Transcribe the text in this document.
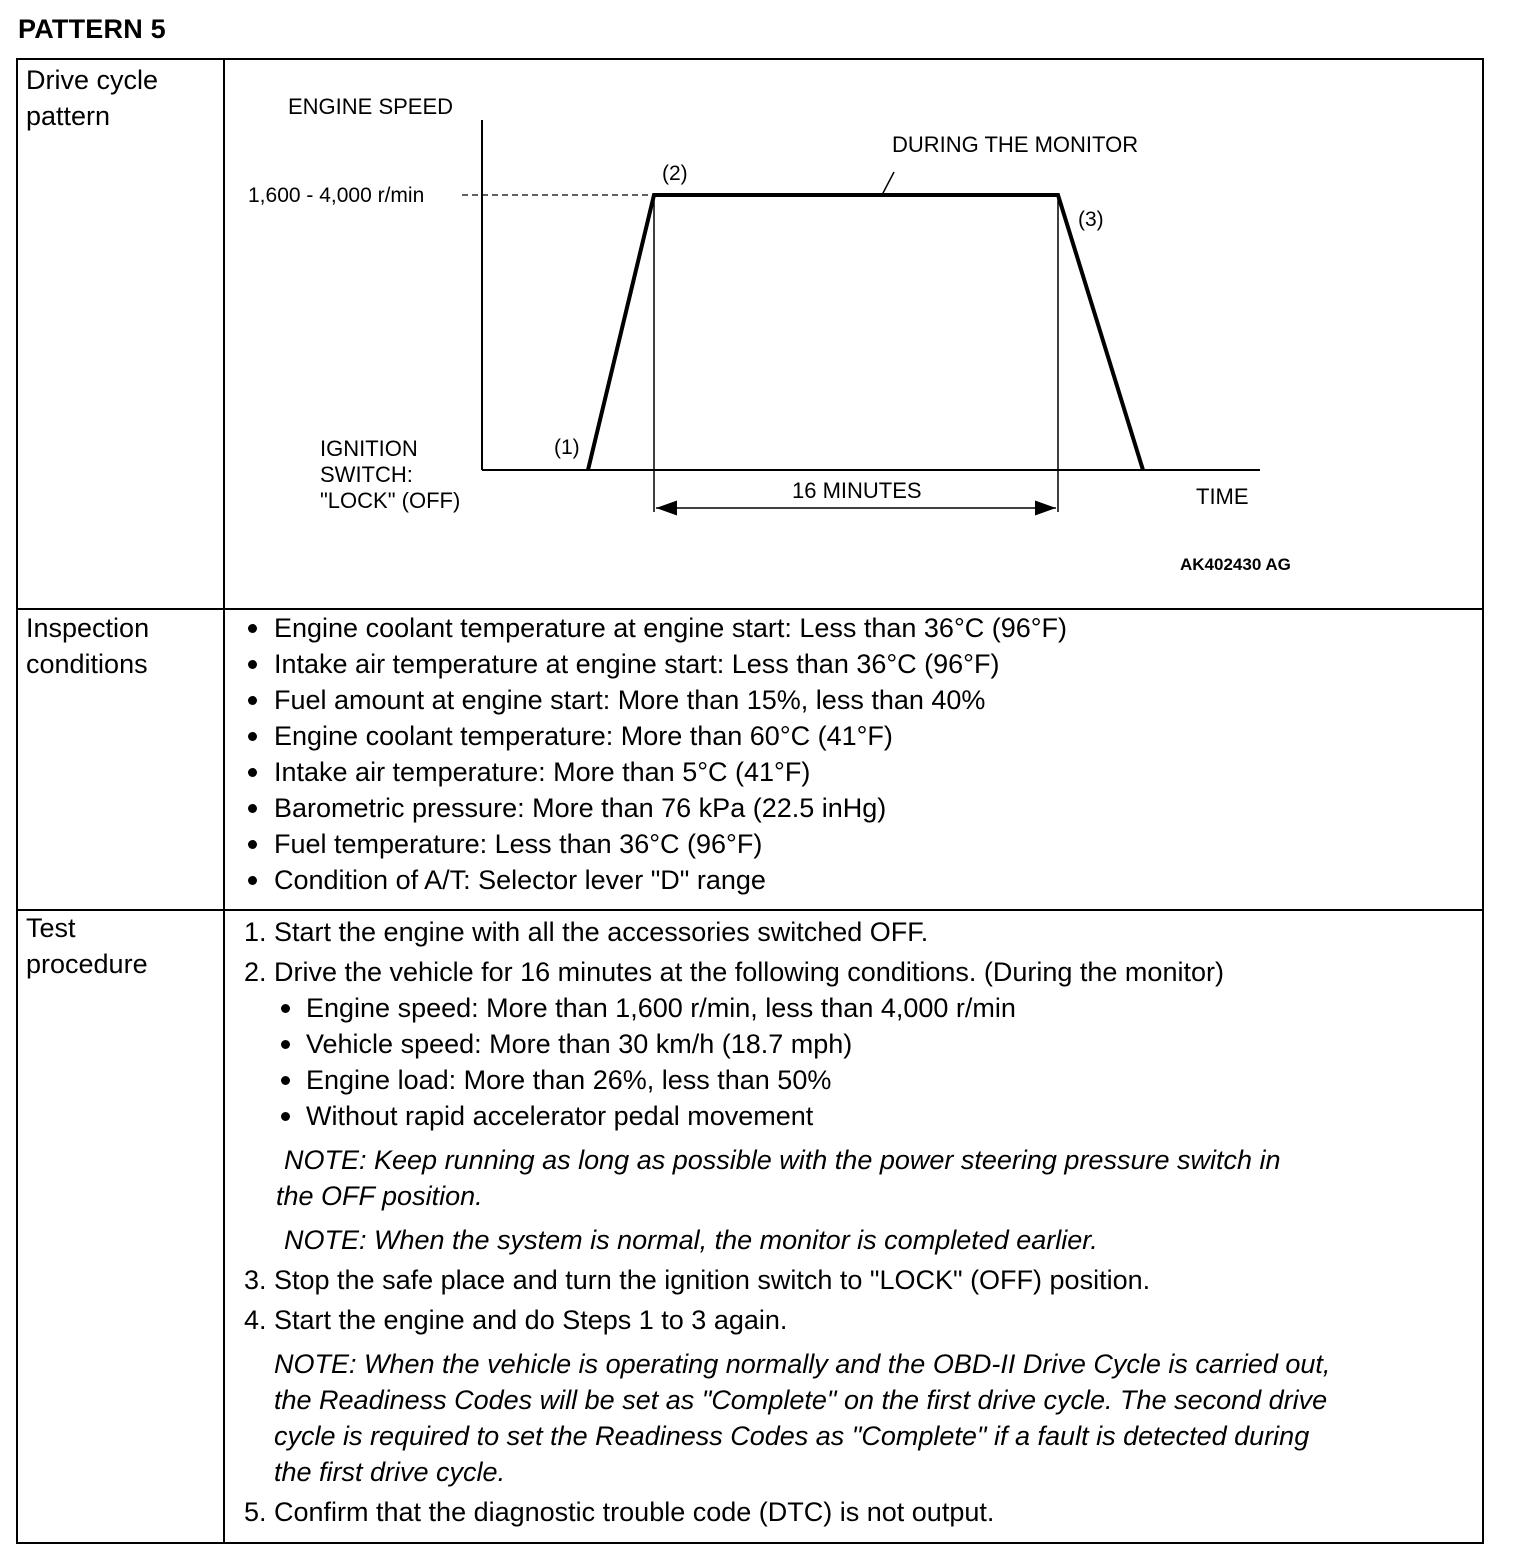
PATTERN 5
Drive cycle
pattern
Inspection
conditions
Test
procedure
ENGINE SPEED
1,600 - 4,000 r/min
DURING THE MONITOR
(2)
(3)
(1)
IGNITION
SWITCH:
"LOCK" (OFF)	16 MINUTES	TIME
AK402430 AG
Engine coolant temperature at engine start: Less than 36°C (96°F)
Intake air temperature at engine start: Less than 36°C (96°F)
Fuel amount at engine start: More than 15%, less than 40%
Engine coolant temperature: More than 60°C (41°F)
Intake air temperature: More than 5°C (41°F)
Barometric pressure: More than 76 kPa (22.5 inHg)
Fuel temperature: Less than 36°C (96°F)
Condition of A/T: Selector lever "D" range
1. Start the engine with all the accessories switched OFF.
2. Drive the vehicle for 16 minutes at the following conditions. (During the monitor)
Engine speed: More than 1,600 r/min, less than 4,000 r/min
Vehicle speed: More than 30 km/h (18.7 mph)
Engine load: More than 26%, less than 50%
Without rapid accelerator pedal movement
NOTE: Keep running as long as possible with the power steering pressure switch in
the OFF position.
NOTE: When the system is normal, the monitor is completed earlier.
3. Stop the safe place and turn the ignition switch to "LOCK" (OFF) position.
4. Start the engine and do Steps 1 to 3 again.
NOTE: When the vehicle is operating normally and the OBD-II Drive Cycle is carried out,
the Readiness Codes will be set as "Complete" on the first drive cycle. The second drive
cycle is required to set the Readiness Codes as "Complete" if a fault is detected during
the first drive cycle.
5. Confirm that the diagnostic trouble code (DTC) is not output.
